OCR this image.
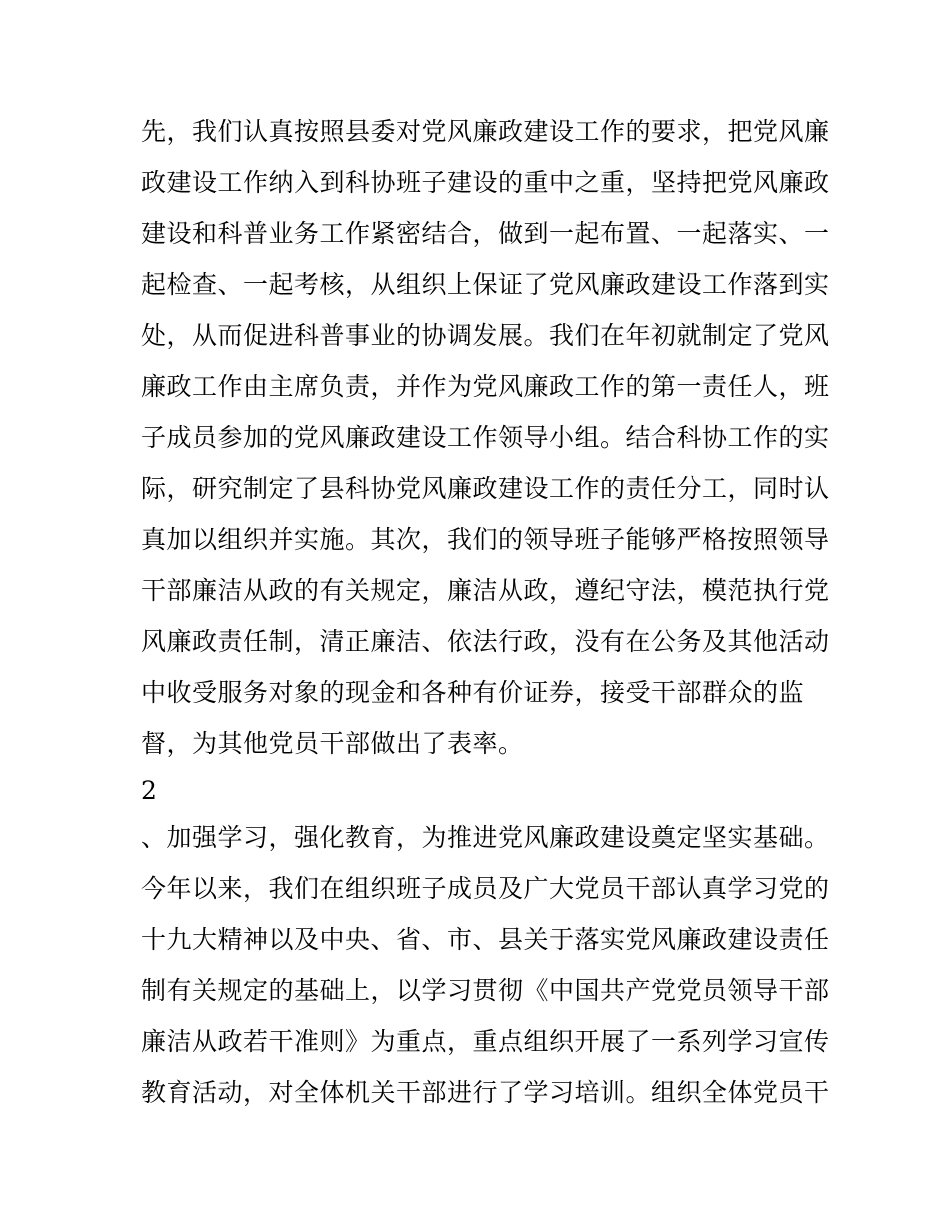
先，我们认真按照县委对党风廉政建设工作的要求，把党风廉
政建设工作纳入到科协班子建设的重中之重，坚持把党风廉政
建设和科普业务工作紧密结合，做到一起布置、一起落实、一
起检查、一起考核，从组织上保证了党风廉政建设工作落到实
处，从而促进科普事业的协调发展。我们在年初就制定了党风
廉政工作由主席负责，并作为党风廉政工作的第一责任人，班
子成员参加的党风廉政建设工作领导小组。结合科协工作的实
际，研究制定了县科协党风廉政建设工作的责任分工，同时认
真加以组织并实施。其次，我们的领导班子能够严格按照领导
干部廉洁从政的有关规定，廉洁从政，遵纪守法，模范执行党
风廉政责任制，清正廉洁、依法行政，没有在公务及其他活动
中收受服务对象的现金和各种有价证券，接受干部群众的监
督，为其他党员干部做出了表率。
2
、加强学习，强化教育，为推进党风廉政建设奠定坚实基础。
今年以来，我们在组织班子成员及广大党员干部认真学习党的
十九大精神以及中央、省、市、县关于落实党风廉政建设责任
制有关规定的基础上，以学习贯彻《中国共产党党员领导干部
廉洁从政若干准则》为重点，重点组织开展了一系列学习宣传
教育活动，对全体机关干部进行了学习培训。组织全体党员干
